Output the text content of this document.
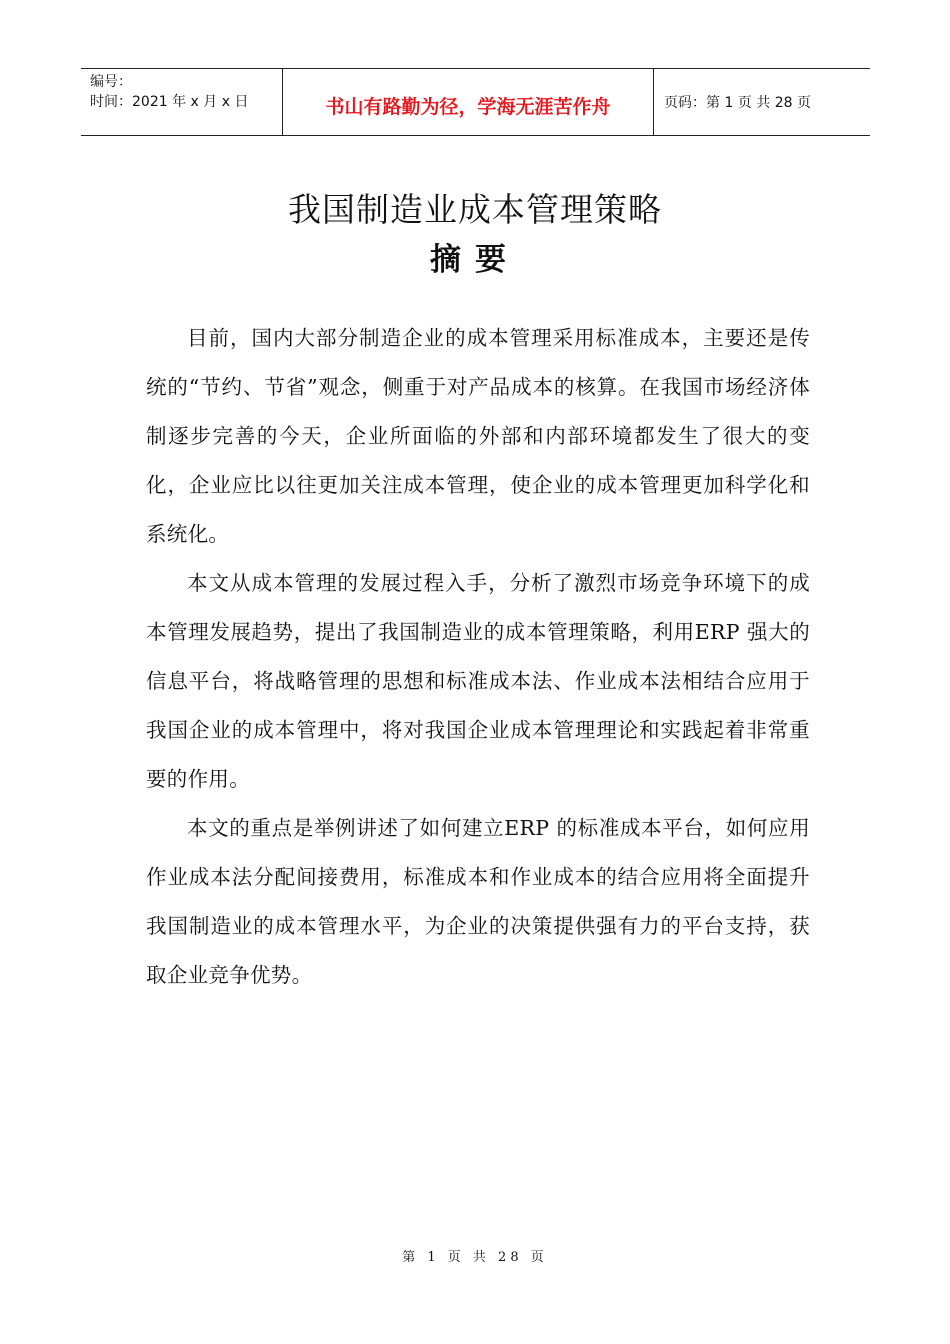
编号：
时间：2021 年 x 月 x 日	书山有路勤为径，学海无涯苦作舟	页码：第 1 页 共 28 页
我国制造业成本管理策略
摘要

目前，国内大部分制造企业的成本管理采用标准成本，主要还是传统的“节约、节省”观念，侧重于对产品成本的核算。在我国市场经济体制逐步完善的今天，企业所面临的外部和内部环境都发生了很大的变化，企业应比以往更加关注成本管理，使企业的成本管理更加科学化和系统化。

本文从成本管理的发展过程入手，分析了激烈市场竞争环境下的成本管理发展趋势，提出了我国制造业的成本管理策略，利用ERP 强大的信息平台，将战略管理的思想和标准成本法、作业成本法相结合应用于我国企业的成本管理中，将对我国企业成本管理理论和实践起着非常重要的作用。

本文的重点是举例讲述了如何建立ERP 的标准成本平台，如何应用作业成本法分配间接费用，标准成本和作业成本的结合应用将全面提升我国制造业的成本管理水平，为企业的决策提供强有力的平台支持，获取企业竞争优势。

第 1 页 共 28 页
